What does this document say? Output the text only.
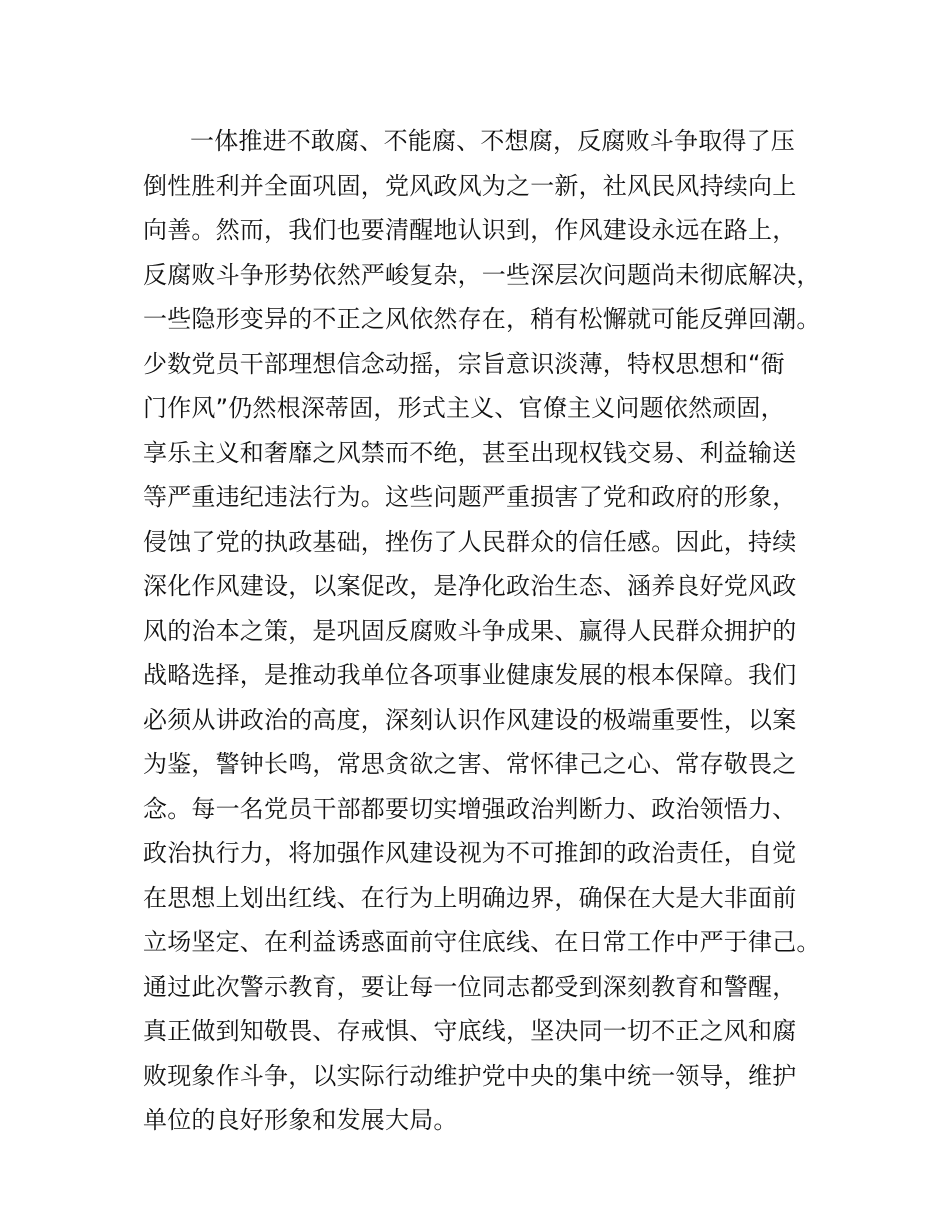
一体推进不敢腐、不能腐、不想腐，反腐败斗争取得了压
倒性胜利并全面巩固，党风政风为之一新，社风民风持续向上
向善。然而，我们也要清醒地认识到，作风建设永远在路上，
反腐败斗争形势依然严峻复杂，一些深层次问题尚未彻底解决，
一些隐形变异的不正之风依然存在，稍有松懈就可能反弹回潮。
少数党员干部理想信念动摇，宗旨意识淡薄，特权思想和“衙
门作风”仍然根深蒂固，形式主义、官僚主义问题依然顽固，
享乐主义和奢靡之风禁而不绝，甚至出现权钱交易、利益输送
等严重违纪违法行为。这些问题严重损害了党和政府的形象，
侵蚀了党的执政基础，挫伤了人民群众的信任感。因此，持续
深化作风建设，以案促改，是净化政治生态、涵养良好党风政
风的治本之策，是巩固反腐败斗争成果、赢得人民群众拥护的
战略选择，是推动我单位各项事业健康发展的根本保障。我们
必须从讲政治的高度，深刻认识作风建设的极端重要性，以案
为鉴，警钟长鸣，常思贪欲之害、常怀律己之心、常存敬畏之
念。每一名党员干部都要切实增强政治判断力、政治领悟力、
政治执行力，将加强作风建设视为不可推卸的政治责任，自觉
在思想上划出红线、在行为上明确边界，确保在大是大非面前
立场坚定、在利益诱惑面前守住底线、在日常工作中严于律己。
通过此次警示教育，要让每一位同志都受到深刻教育和警醒，
真正做到知敬畏、存戒惧、守底线，坚决同一切不正之风和腐
败现象作斗争，以实际行动维护党中央的集中统一领导，维护
单位的良好形象和发展大局。
